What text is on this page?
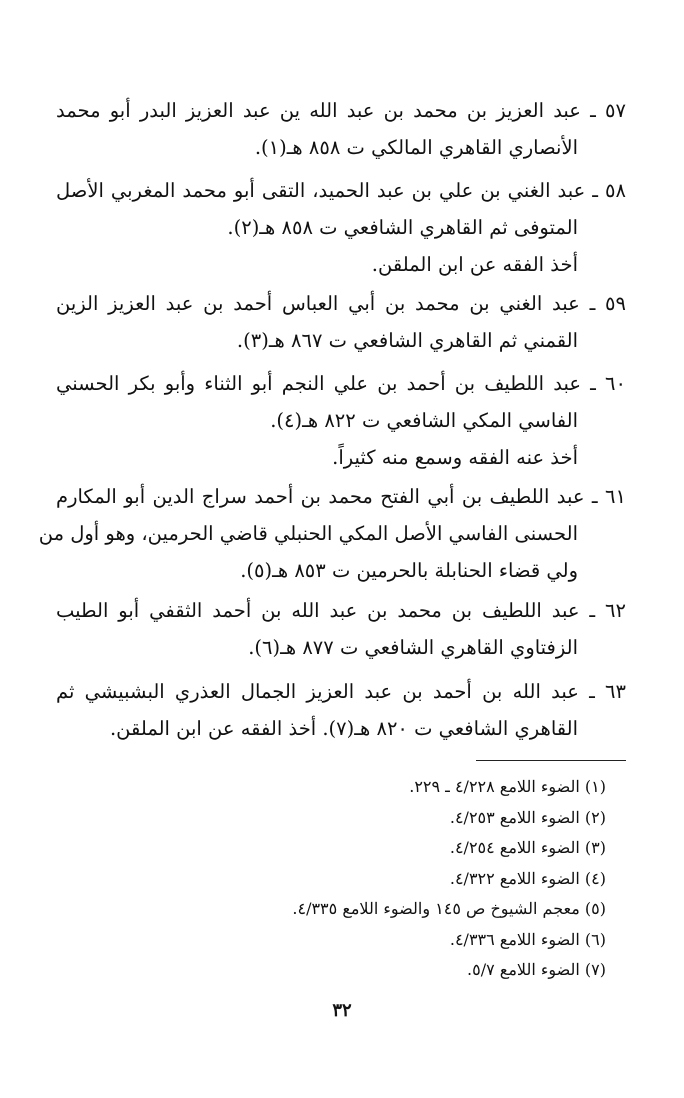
٥٧ ـ عبد العزيز بن محمد بن عبد الله ين عبد العزيز البدر أبو محمد
الأنصاري القاهري المالكي ت ٨٥٨ هـ(١).
٥٨ ـ عبد الغني بن علي بن عبد الحميد، التقى أبو محمد المغربي الأصل
المتوفى ثم القاهري الشافعي ت ٨٥٨ هـ(٢).
أخذ الفقه عن ابن الملقن.
٥٩ ـ عبد الغني بن محمد بن أبي العباس أحمد بن عبد العزيز الزين
القمني ثم القاهري الشافعي ت ٨٦٧ هـ(٣).
٦٠ ـ عبد اللطيف بن أحمد بن علي النجم أبو الثناء وأبو بكر الحسني
الفاسي المكي الشافعي ت ٨٢٢ هـ(٤).
أخذ عنه الفقه وسمع منه كثيراً.
٦١ ـ عبد اللطيف بن أبي الفتح محمد بن أحمد سراج الدين أبو المكارم
الحسنى الفاسي الأصل المكي الحنبلي قاضي الحرمين، وهو أول من
ولي قضاء الحنابلة بالحرمين ت ٨٥٣ هـ(٥).
٦٢ ـ عبد اللطيف بن محمد بن عبد الله بن أحمد الثقفي أبو الطيب
الزفتاوي القاهري الشافعي ت ٨٧٧ هـ(٦).
٦٣ ـ عبد الله بن أحمد بن عبد العزيز الجمال العذري البشبيشي ثم
القاهري الشافعي ت ٨٢٠ هـ(٧). أخذ الفقه عن ابن الملقن.
(١) الضوء اللامع ٤/٢٢٨ ـ ٢٢٩.
(٢) الضوء اللامع ٤/٢٥٣.
(٣) الضوء اللامع ٤/٢٥٤.
(٤) الضوء اللامع ٤/٣٢٢.
(٥) معجم الشيوخ ص ١٤٥ والضوء اللامع ٤/٣٣٥.
(٦) الضوء اللامع ٤/٣٣٦.
(٧) الضوء اللامع ٥/٧.
٣٢
